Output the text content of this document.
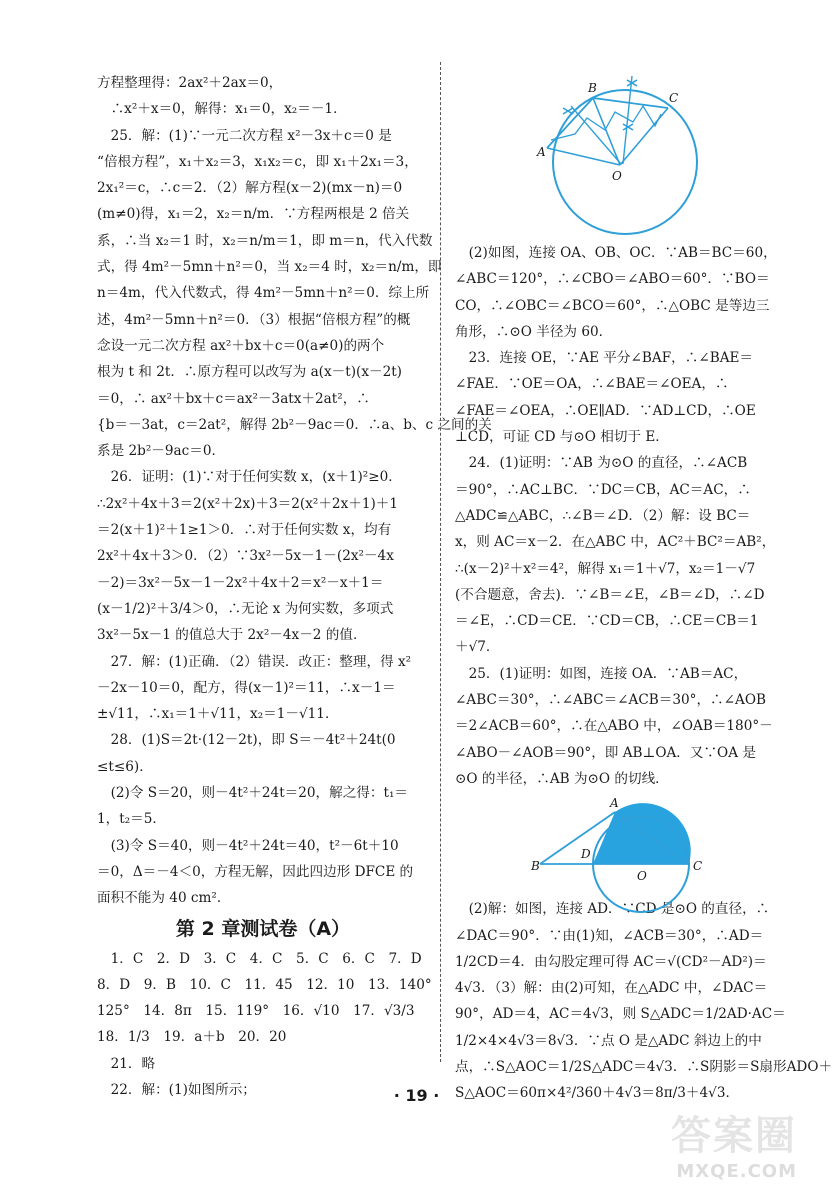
方程整理得：2ax²＋2ax＝0，
　∴x²＋x＝0，解得：x₁＝0，x₂＝－1．
　25．解：(1)∵一元二次方程 x²－3x＋c＝0 是
“倍根方程”，x₁＋x₂＝3，x₁x₂＝c，即 x₁＋2x₁＝3，
2x₁²＝c，∴c＝2．（2）解方程(x－2)(mx－n)＝0
(m≠0)得，x₁＝2，x₂＝n/m．∵方程两根是 2 倍关
系，∴当 x₂＝1 时，x₂＝n/m＝1，即 m＝n，代入代数
式，得 4m²－5mn＋n²＝0，当 x₂＝4 时，x₂＝n/m，即
n＝4m，代入代数式，得 4m²－5mn＋n²＝0．综上所
述，4m²－5mn＋n²＝0．（3）根据“倍根方程”的概
念设一元二次方程 ax²＋bx＋c＝0(a≠0)的两个
根为 t 和 2t．∴原方程可以改写为 a(x－t)(x－2t)
＝0，∴ ax²＋bx＋c＝ax²－3atx＋2at²，∴
{b＝－3at，c＝2at²，解得 2b²－9ac＝0．∴a、b、c 之间的关
系是 2b²－9ac＝0．
　26．证明：(1)∵对于任何实数 x，(x＋1)²≥0．
∴2x²＋4x＋3＝2(x²＋2x)＋3＝2(x²＋2x＋1)＋1
＝2(x＋1)²＋1≥1＞0．∴对于任何实数 x，均有
2x²＋4x＋3＞0．（2）∵3x²－5x－1－(2x²－4x
－2)＝3x²－5x－1－2x²＋4x＋2＝x²－x＋1＝
(x－1/2)²＋3/4＞0，∴无论 x 为何实数，多项式
3x²－5x－1 的值总大于 2x²－4x－2 的值．
　27．解：(1)正确．（2）错误．改正：整理，得 x²
－2x－10＝0，配方，得(x－1)²＝11，∴x－1＝
±√11，∴x₁＝1＋√11，x₂＝1－√11．
　28．(1)S＝2t·(12－2t)，即 S＝－4t²＋24t(0
≤t≤6)．
　(2)令 S＝20，则－4t²＋24t＝20，解之得：t₁＝
1，t₂＝5．
　(3)令 S＝40，则－4t²＋24t＝40，t²－6t＋10
＝0，Δ＝－4＜0，方程无解，因此四边形 DFCE 的
面积不能为 40 cm²．
第 2 章测试卷（A）
　1．C　2．D　3．C　4．C　5．C　6．C　7．D
8．D　9．B　10．C　11．45　12．10　13．140°
125°　14．8π　15．119°　16．√10　17．√3/3
18．1/3　19．a＋b　20．20
　21．略
　22．解：(1)如图所示；
B
C
A
O
　(2)如图，连接 OA、OB、OC．∵AB＝BC＝60，
∠ABC＝120°，∴∠CBO＝∠ABO＝60°．∵BO＝
CO，∴∠OBC＝∠BCO＝60°，∴△OBC 是等边三
角形，∴⊙O 半径为 60．
　23．连接 OE，∵AE 平分∠BAF，∴∠BAE＝
∠FAE．∵OE＝OA，∴∠BAE＝∠OEA，∴
∠FAE＝∠OEA，∴OE∥AD．∵AD⊥CD，∴OE
⊥CD，可证 CD 与⊙O 相切于 E．
　24．(1)证明：∵AB 为⊙O 的直径，∴∠ACB
＝90°，∴AC⊥BC．∵DC＝CB，AC＝AC，∴
△ADC≌△ABC，∴∠B＝∠D．（2）解：设 BC＝
x，则 AC＝x－2．在△ABC 中，AC²＋BC²＝AB²，
∴(x－2)²＋x²＝4²，解得 x₁＝1＋√7，x₂＝1－√7
(不合题意，舍去)．∵∠B＝∠E，∠B＝∠D，∴∠D
＝∠E，∴CD＝CE．∵CD＝CB，∴CE＝CB＝1
＋√7．
　25．(1)证明：如图，连接 OA．∵AB＝AC，
∠ABC＝30°，∴∠ABC＝∠ACB＝30°，∴∠AOB
＝2∠ACB＝60°，∴在△ABO 中，∠OAB＝180°－
∠ABO－∠AOB＝90°，即 AB⊥OA．又∵OA 是
⊙O 的半径，∴AB 为⊙O 的切线．
A
B
D
O
C
　(2)解：如图，连接 AD．∵CD 是⊙O 的直径，∴
∠DAC＝90°．∵由(1)知，∠ACB＝30°，∴AD＝
1/2CD＝4．由勾股定理可得 AC＝√(CD²－AD²)＝
4√3．（3）解：由(2)可知，在△ADC 中，∠DAC＝
90°，AD＝4，AC＝4√3，则 S△ADC＝1/2AD·AC＝
1/2×4×4√3＝8√3．∵点 O 是△ADC 斜边上的中
点，∴S△AOC＝1/2S△ADC＝4√3．∴S阴影＝S扇形ADO＋
S△AOC＝60π×4²/360＋4√3＝8π/3＋4√3．
· 19 ·
答案圈
MXQE.COM
